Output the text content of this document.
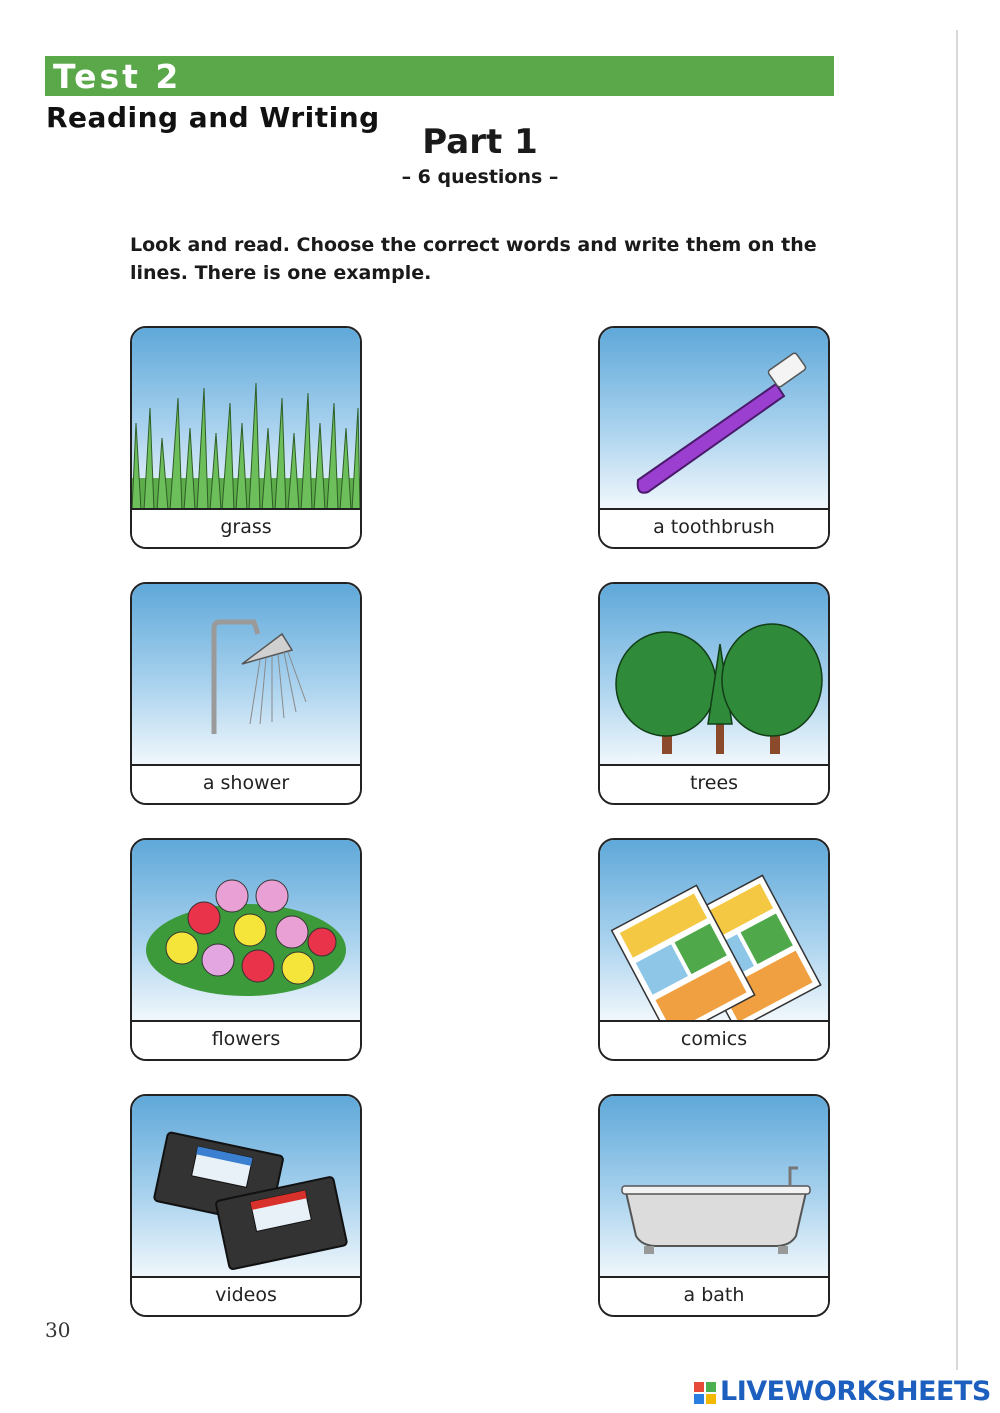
Test 2
Reading and Writing
Part 1
– 6 questions –
Look and read. Choose the correct words and write them on the lines. There is one example.
grass	a toothbrush
a shower	trees
flowers	comics
videos	a bath
30
LIVEWORKSHEETS
